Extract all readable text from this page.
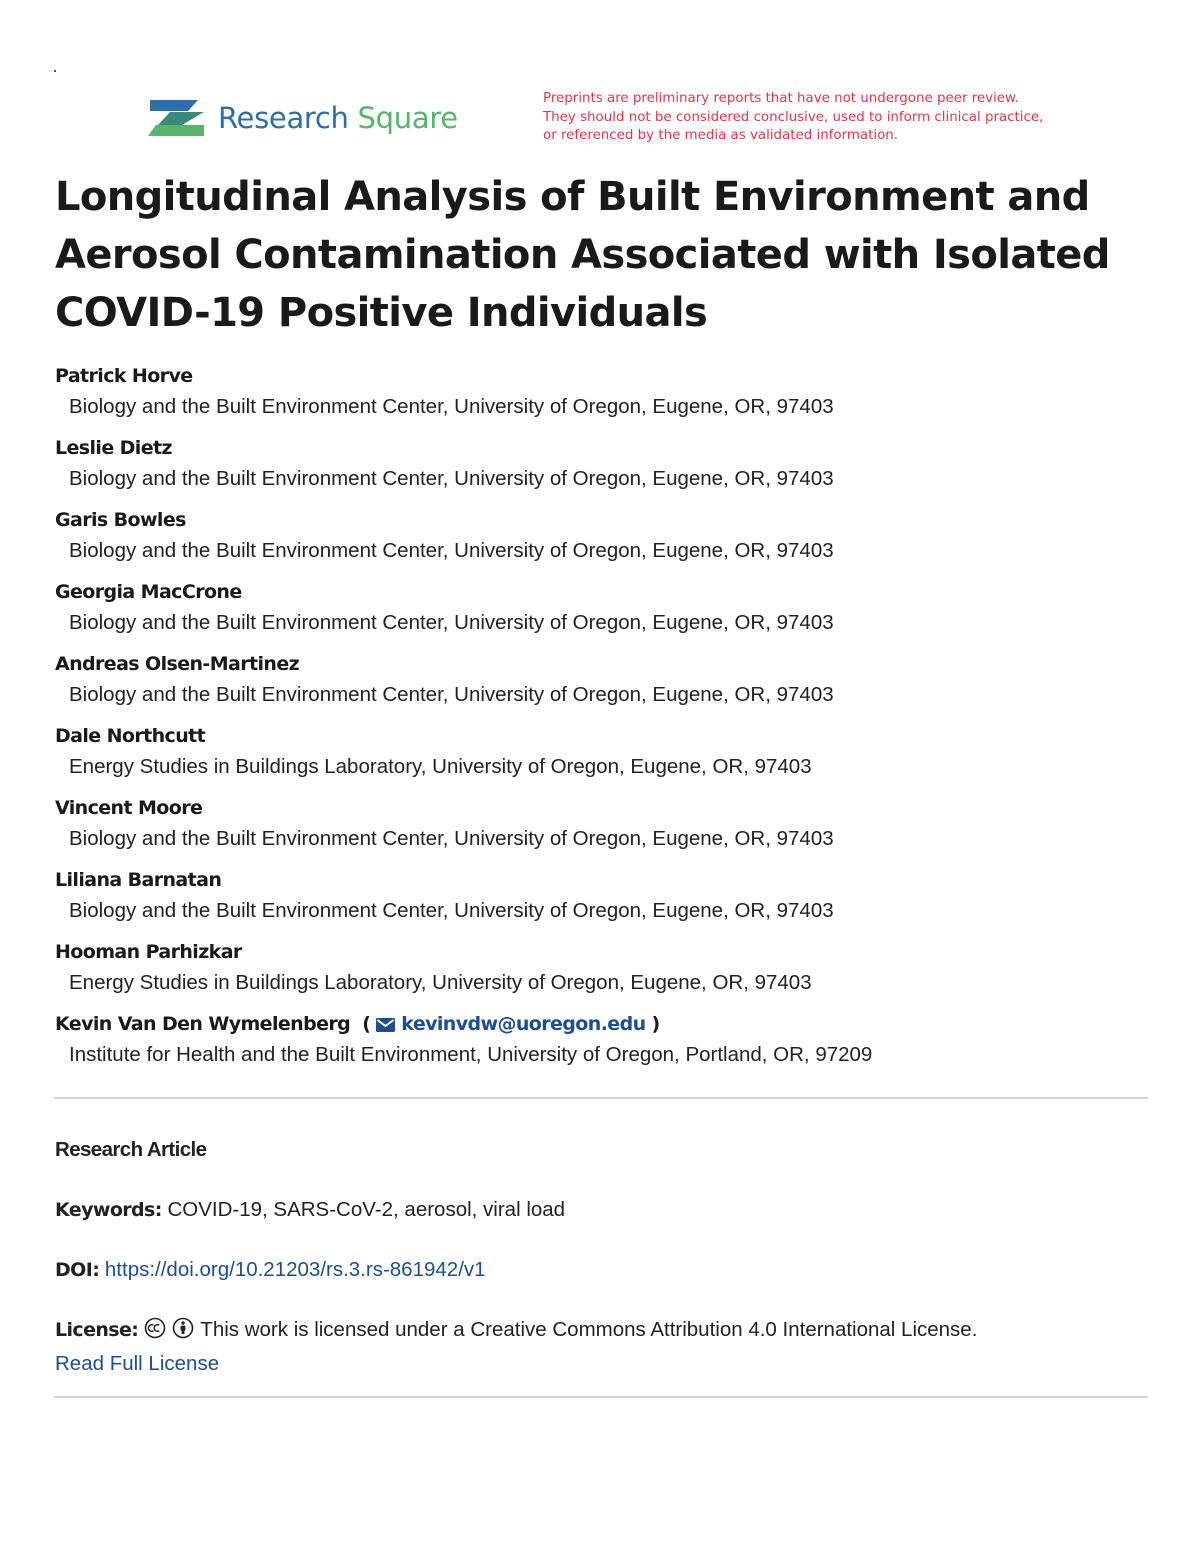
Research Square
Preprints are preliminary reports that have not undergone peer review.
They should not be considered conclusive, used to inform clinical practice,
or referenced by the media as validated information.
Longitudinal Analysis of Built Environment and Aerosol Contamination Associated with Isolated COVID-19 Positive Individuals
Patrick Horve
Biology and the Built Environment Center, University of Oregon, Eugene, OR, 97403
Leslie Dietz
Biology and the Built Environment Center, University of Oregon, Eugene, OR, 97403
Garis Bowles
Biology and the Built Environment Center, University of Oregon, Eugene, OR, 97403
Georgia MacCrone
Biology and the Built Environment Center, University of Oregon, Eugene, OR, 97403
Andreas Olsen-Martinez
Biology and the Built Environment Center, University of Oregon, Eugene, OR, 97403
Dale Northcutt
Energy Studies in Buildings Laboratory, University of Oregon, Eugene, OR, 97403
Vincent Moore
Biology and the Built Environment Center, University of Oregon, Eugene, OR, 97403
Liliana Barnatan
Biology and the Built Environment Center, University of Oregon, Eugene, OR, 97403
Hooman Parhizkar
Energy Studies in Buildings Laboratory, University of Oregon, Eugene, OR, 97403
Kevin Van Den Wymelenberg ( kevinvdw@uoregon.edu )
Institute for Health and the Built Environment, University of Oregon, Portland, OR, 97209
Research Article
Keywords: COVID-19, SARS-CoV-2, aerosol, viral load
DOI: https://doi.org/10.21203/rs.3.rs-861942/v1
License:	This work is licensed under a Creative Commons Attribution 4.0 International License.
Read Full License
